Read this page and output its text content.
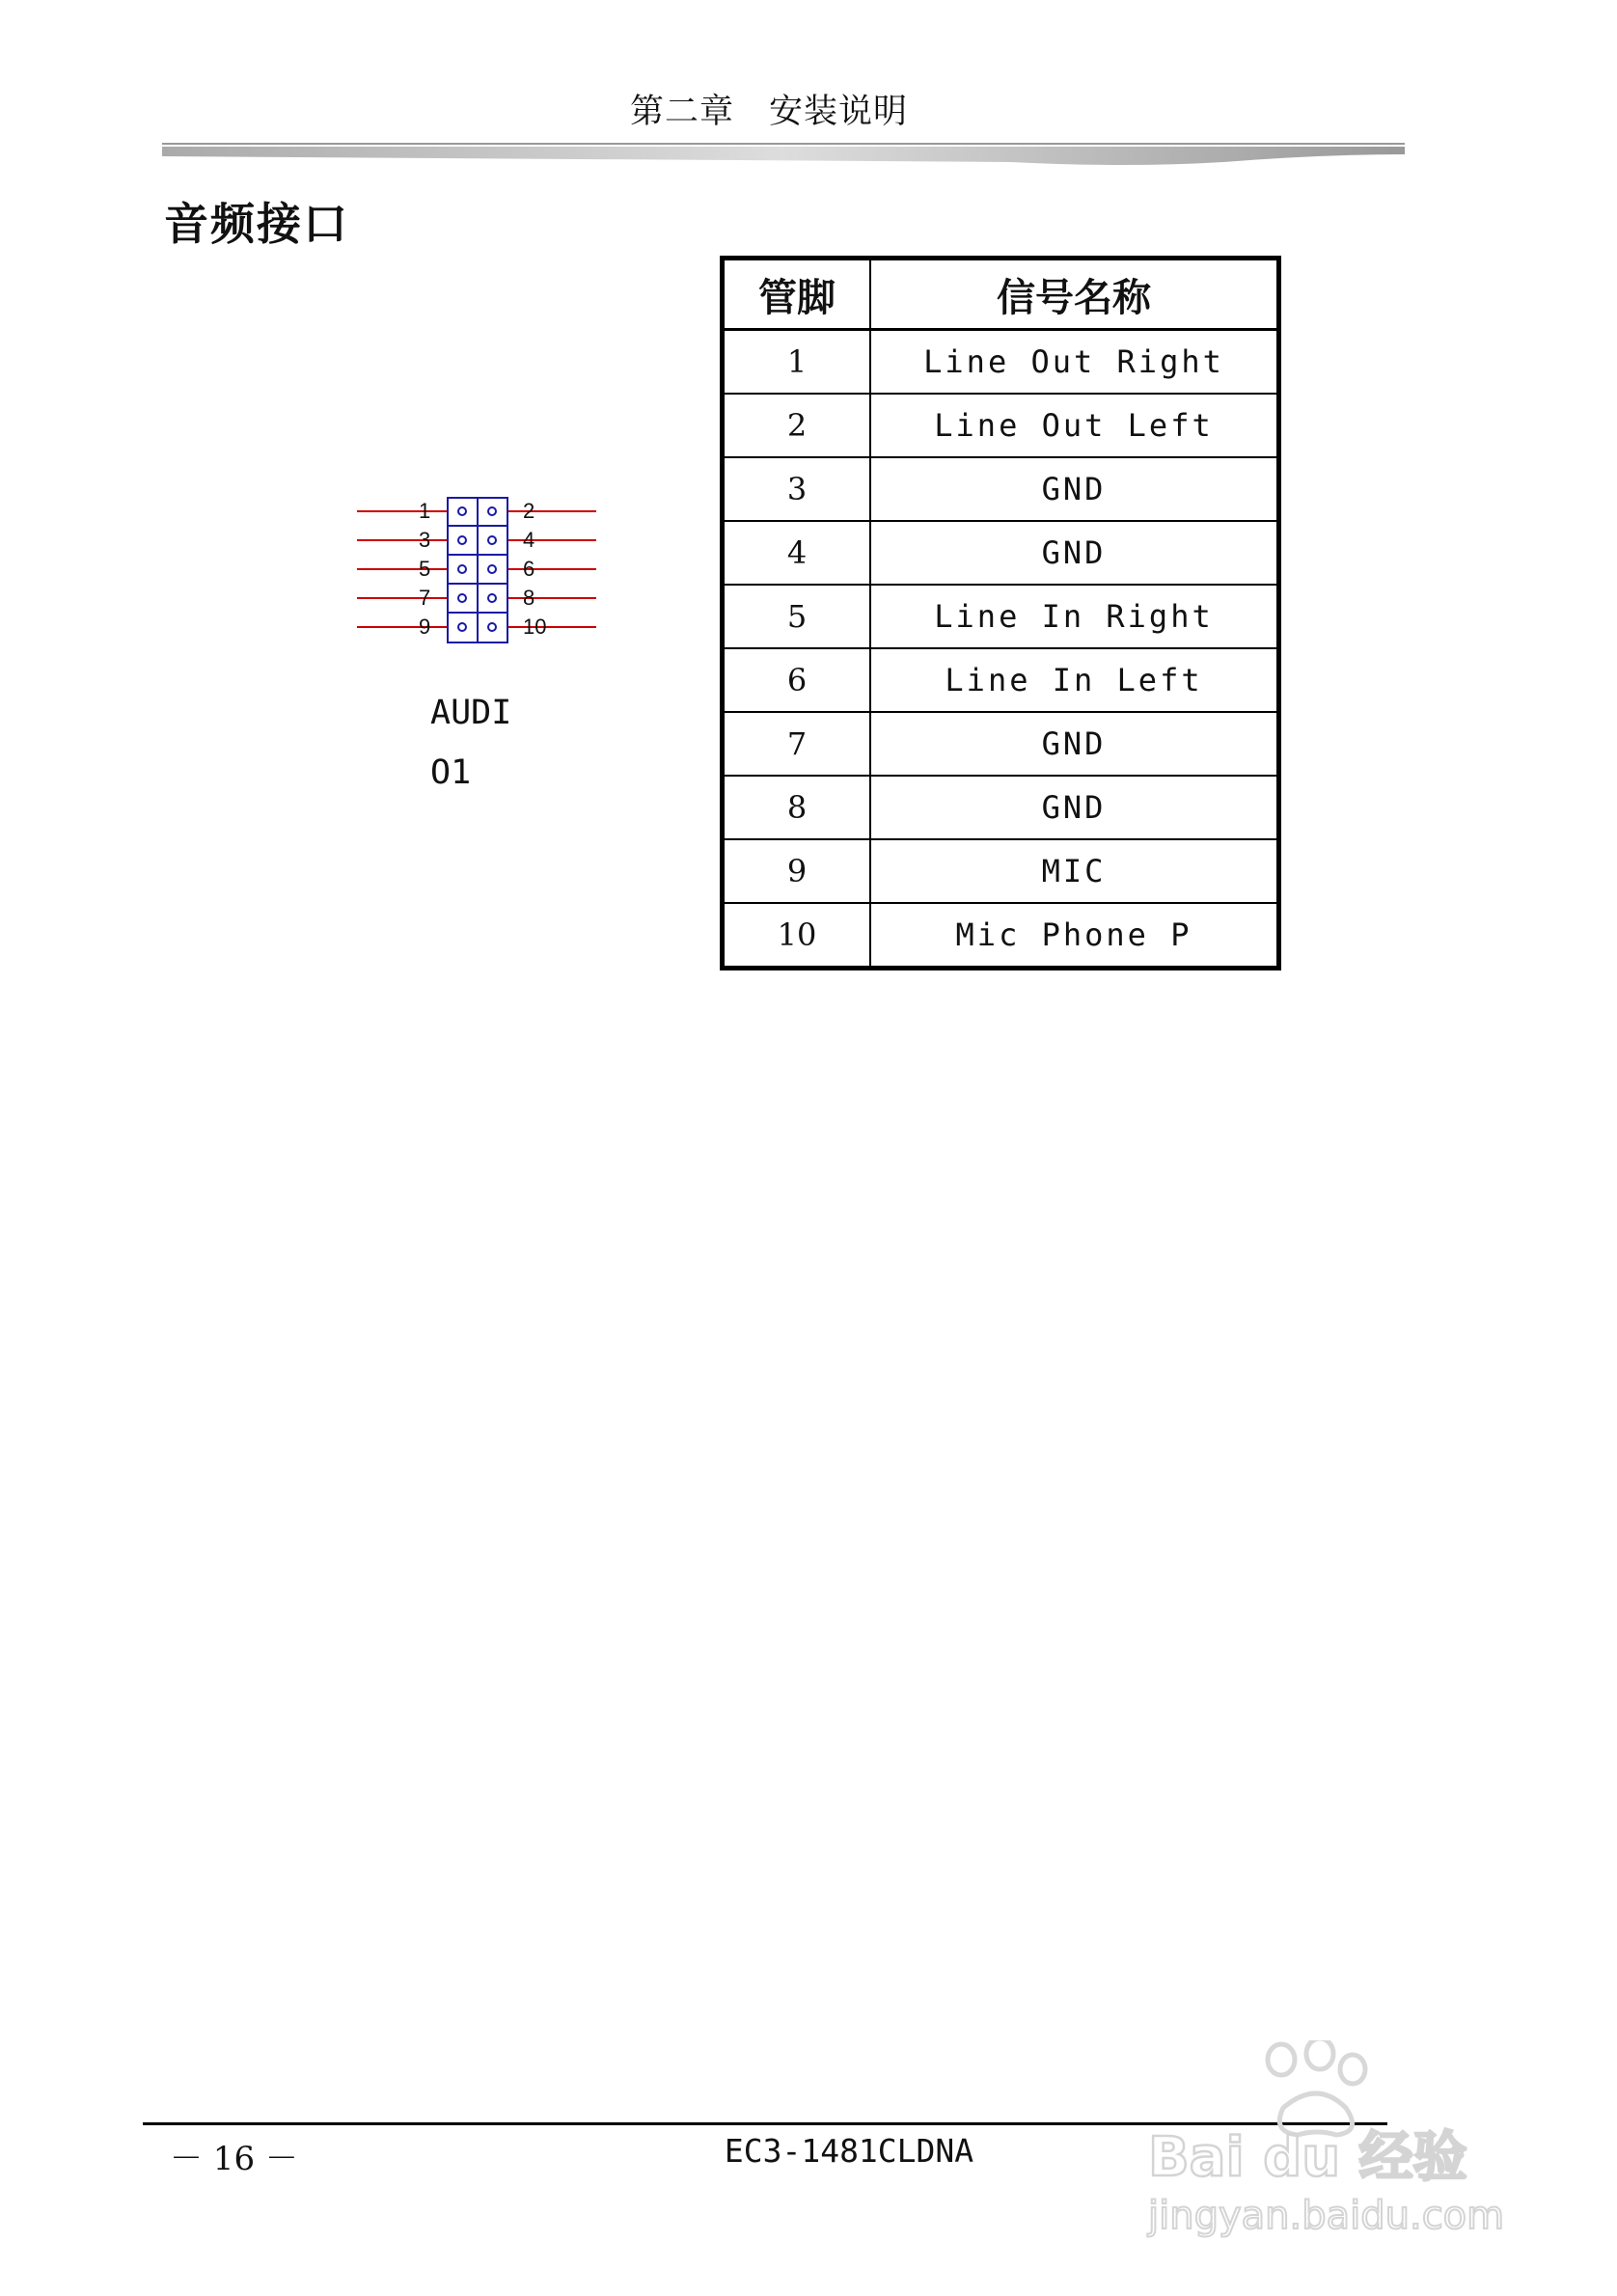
第二章　安装说明
音频接口
1
3
5
7
9
2
4
6
8
10
AUDI
O1
管脚	信号名称
1	Line Out Right
2	Line Out Left
3	GND
4	GND
5	Line In Right
6	Line In Left
7	GND
8	GND
9	MIC
10	Mic Phone P
－ 16 －	EC3-1481CLDNA	Bai du 经验
jingyan.baidu.com
